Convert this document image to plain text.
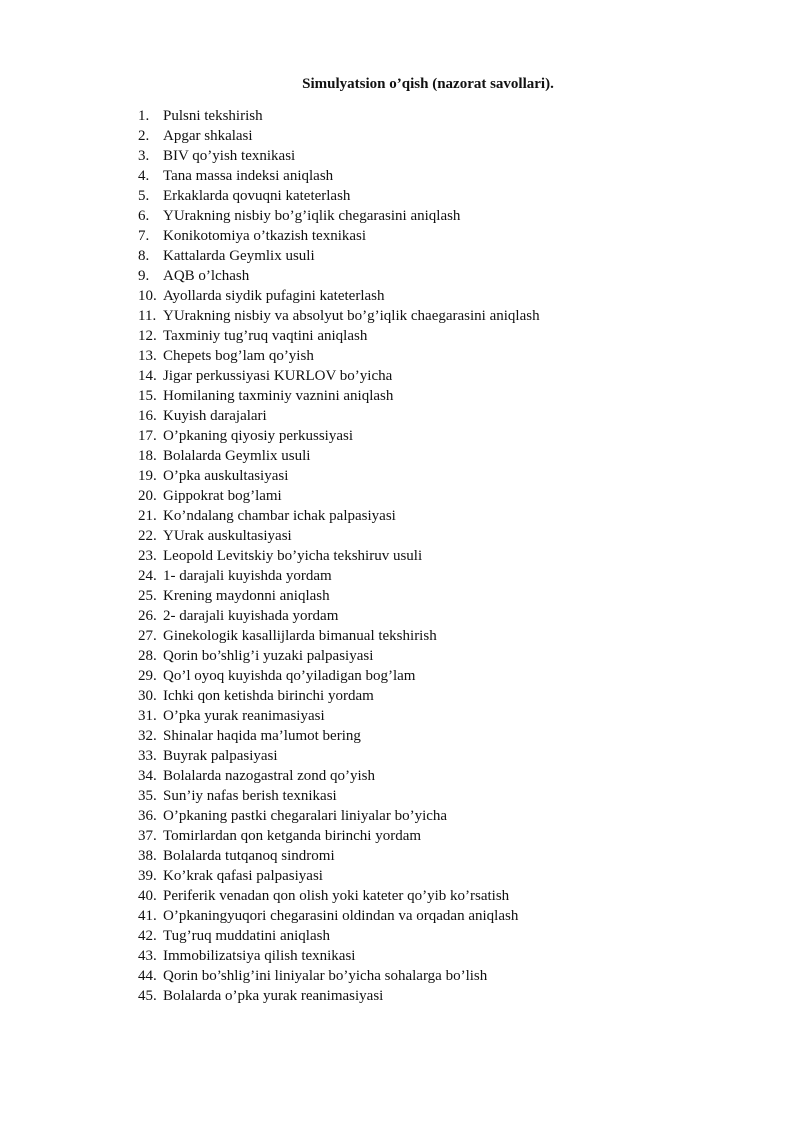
Simulyatsion o’qish (nazorat savollari).
1. Pulsni tekshirish
2. Apgar shkalasi
3. BIV qo’yish texnikasi
4. Tana massa indeksi aniqlash
5. Erkaklarda qovuqni kateterlash
6. YUrakning nisbiy bo’g’iqlik chegarasini aniqlash
7. Konikotomiya o’tkazish texnikasi
8. Kattalarda Geymlix usuli
9. AQB o’lchash
10. Ayollarda siydik pufagini kateterlash
11. YUrakning nisbiy va absolyut bo’g’iqlik chaegarasini aniqlash
12. Taxminiy tug’ruq vaqtini aniqlash
13. Chepets bog’lam qo’yish
14. Jigar perkussiyasi KURLOV bo’yicha
15. Homilaning taxminiy vaznini aniqlash
16. Kuyish darajalari
17. O’pkaning qiyosiy perkussiyasi
18. Bolalarda Geymlix usuli
19. O’pka auskultasiyasi
20. Gippokrat bog’lami
21. Ko’ndalang chambar ichak palpasiyasi
22. YUrak auskultasiyasi
23. Leopold Levitskiy bo’yicha tekshiruv usuli
24. 1- darajali kuyishda yordam
25. Krening maydonni aniqlash
26. 2- darajali kuyishada yordam
27. Ginekologik kasallijlarda bimanual tekshirish
28. Qorin bo’shlig’i yuzaki palpasiyasi
29. Qo’l oyoq kuyishda qo’yiladigan bog’lam
30. Ichki qon ketishda birinchi yordam
31. O’pka yurak reanimasiyasi
32. Shinalar haqida ma’lumot bering
33. Buyrak palpasiyasi
34. Bolalarda nazogastral zond qo’yish
35. Sun’iy nafas berish texnikasi
36. O’pkaning pastki chegaralari liniyalar bo’yicha
37. Tomirlardan qon ketganda birinchi yordam
38. Bolalarda tutqanoq sindromi
39. Ko’krak qafasi palpasiyasi
40. Periferik venadan qon olish yoki kateter qo’yib ko’rsatish
41. O’pkaningyuqori chegarasini oldindan va orqadan aniqlash
42. Tug’ruq muddatini aniqlash
43. Immobilizatsiya qilish texnikasi
44. Qorin bo’shlig’ini liniyalar bo’yicha sohalarga bo’lish
45. Bolalarda o’pka yurak reanimasiyasi
